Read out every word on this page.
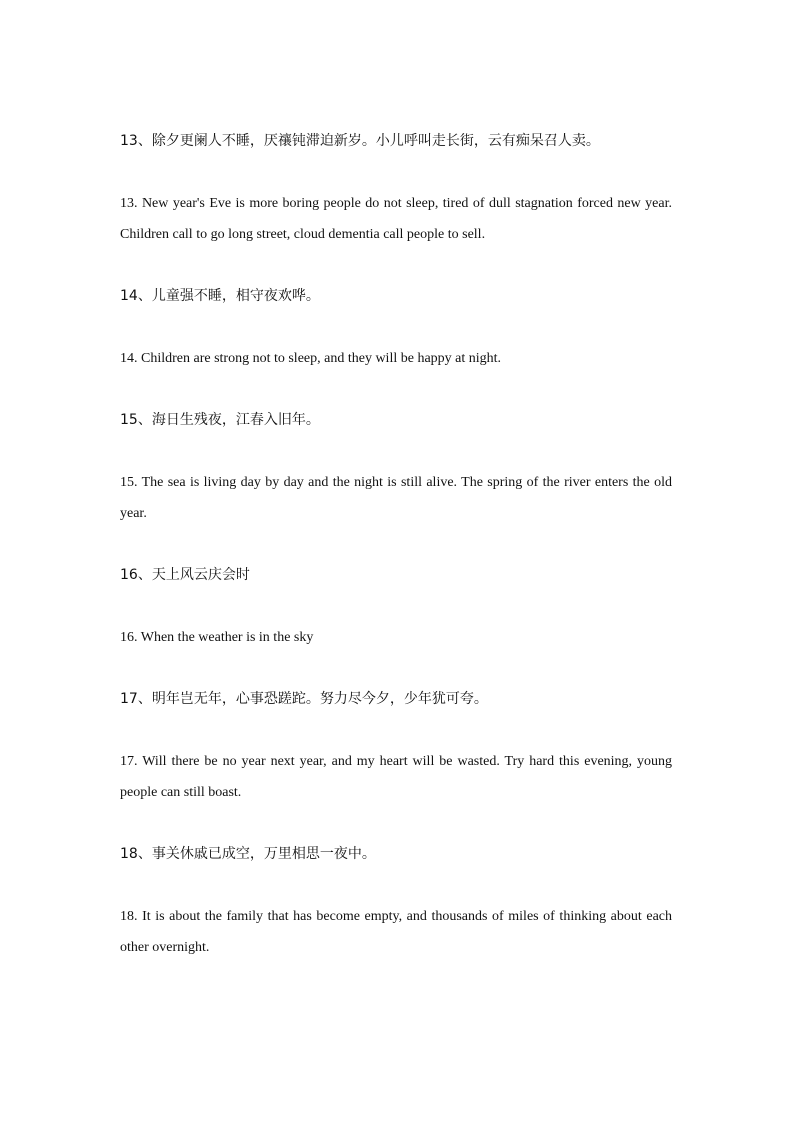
13、除夕更阑人不睡，厌禳钝滞迫新岁。小儿呼叫走长街，云有痴呆召人卖。

13. New year's Eve is more boring people do not sleep, tired of dull stagnation forced new year. Children call to go long street, cloud dementia call people to sell.

14、儿童强不睡，相守夜欢哗。

14. Children are strong not to sleep, and they will be happy at night.

15、海日生残夜，江春入旧年。

15. The sea is living day by day and the night is still alive. The spring of the river enters the old year.

16、天上风云庆会时

16. When the weather is in the sky

17、明年岂无年，心事恐蹉跎。努力尽今夕，少年犹可夸。

17. Will there be no year next year, and my heart will be wasted. Try hard this evening, young people can still boast.

18、事关休戚已成空，万里相思一夜中。

18. It is about the family that has become empty, and thousands of miles of thinking about each other overnight.
